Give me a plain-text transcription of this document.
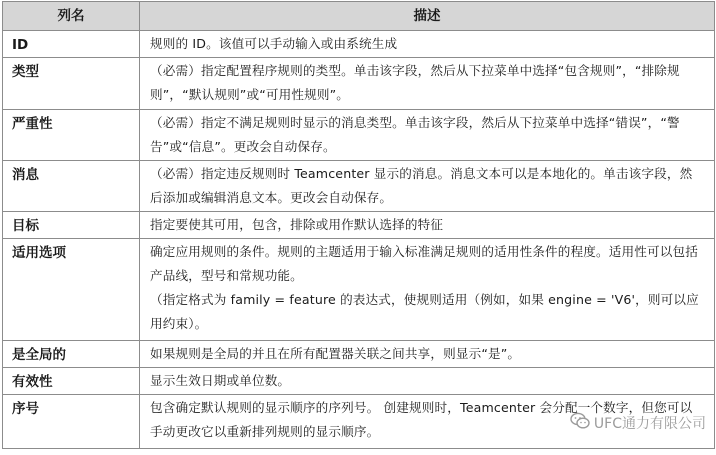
列名	描述
ID	规则的 ID。该值可以手动输入或由系统生成

类型	（必需）指定配置程序规则的类型。单击该字段，然后从下拉菜单中选择“包含规则”，“排除规则”，“默认规则”或“可用性规则”。

严重性	（必需）指定不满足规则时显示的消息类型。单击该字段，然后从下拉菜单中选择“错误”，“警告”或“信息”。更改会自动保存。

消息	（必需）指定违反规则时 Teamcenter 显示的消息。消息文本可以是本地化的。单击该字段，然后添加或编辑消息文本。更改会自动保存。

目标	指定要使其可用，包含，排除或用作默认选择的特征

适用选项	确定应用规则的条件。规则的主题适用于输入标准满足规则的适用性条件的程度。适用性可以包括产品线，型号和常规功能。
（指定格式为 family = feature 的表达式，使规则适用（例如，如果 engine = 'V6'，则可以应用约束）。

是全局的	如果规则是全局的并且在所有配置器关联之间共享，则显示“是”。

有效性	显示生效日期或单位数。

序号	包含确定默认规则的显示顺序的序列号。 创建规则时，Teamcenter 会分配一个数字，但您可以手动更改它以重新排列规则的显示顺序。	UFC通力有限公司
